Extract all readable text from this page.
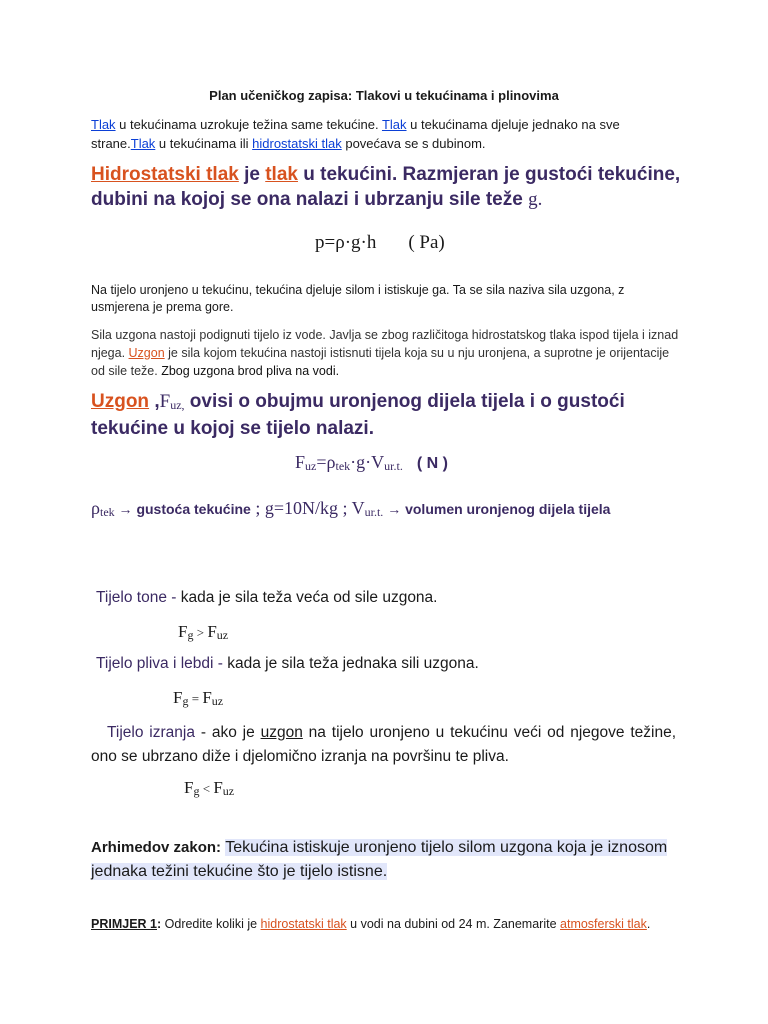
Plan učeničkog zapisa: Tlakovi u tekućinama i plinovima
Tlak u tekućinama uzrokuje težina same tekućine. Tlak u tekućinama djeluje jednako na sve strane.Tlak u tekućinama ili hidrostatski tlak povećava se s dubinom.
Hidrostatski tlak je tlak u tekućini. Razmjeran je gustoći tekućine, dubini na kojoj se ona nalazi i ubrzanju sile teže g.
p=ρ·g·h ( Pa)
Na tijelo uronjeno u tekućinu, tekućina djeluje silom i istiskuje ga. Ta se sila naziva sila uzgona, z usmjerena je prema gore.
Sila uzgona nastoji podignuti tijelo iz vode. Javlja se zbog različitoga hidrostatskog tlaka ispod tijela i iznad njega. Uzgon je sila kojom tekućina nastoji istisnuti tijela koja su u nju uronjena, a suprotne je orijentacije od sile teže. Zbog uzgona brod pliva na vodi.
Uzgon ,Fuz, ovisi o obujmu uronjenog dijela tijela i o gustoći tekućine u kojoj se tijelo nalazi.
Fuz=ρtek·g·Vur.t. ( N )
ρtek → gustoća tekućine ; g=10N/kg ; Vur.t. → volumen uronjenog dijela tijela
Tijelo tone - kada je sila teža veća od sile uzgona.
Fg > Fuz
Tijelo pliva i lebdi - kada je sila teža jednaka sili uzgona.
Fg = Fuz
Tijelo izranja - ako je uzgon na tijelo uronjeno u tekućinu veći od njegove težine, ono se ubrzano diže i djelomično izranja na površinu te pliva.
Fg < Fuz
Arhimedov zakon: Tekućina istiskuje uronjeno tijelo silom uzgona koja je iznosom jednaka težini tekućine što je tijelo istisne.
PRIMJER 1: Odredite koliki je hidrostatski tlak u vodi na dubini od 24 m. Zanemarite atmosferski tlak.
